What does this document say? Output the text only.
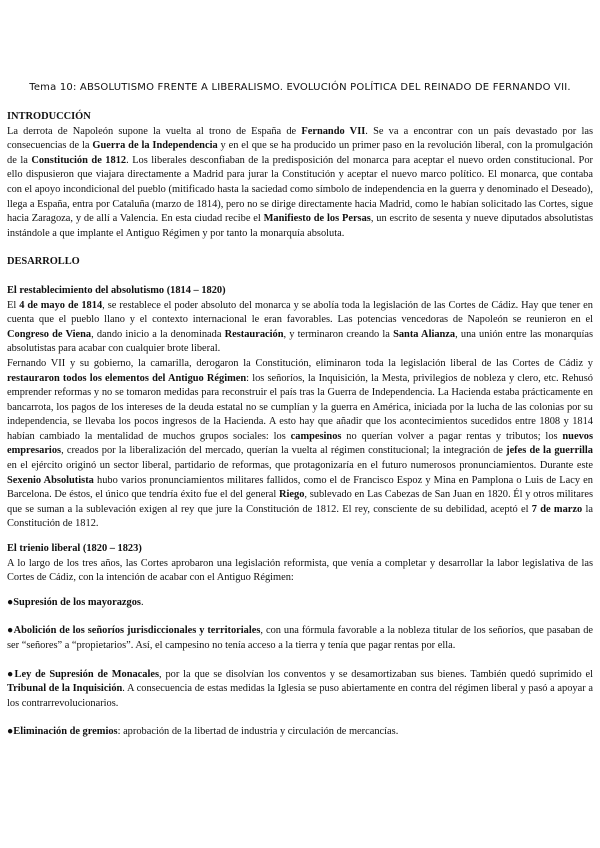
Tema 10: ABSOLUTISMO FRENTE A LIBERALISMO. EVOLUCIÓN POLÍTICA DEL REINADO DE FERNANDO VII.
INTRODUCCIÓN

La derrota de Napoleón supone la vuelta al trono de España de Fernando VII. Se va a encontrar con un país devastado por las consecuencias de la Guerra de la Independencia y en el que se ha producido un primer paso en la revolución liberal, con la promulgación de la Constitución de 1812. Los liberales desconfiaban de la predisposición del monarca para aceptar el nuevo orden constitucional. Por ello dispusieron que viajara directamente a Madrid para jurar la Constitución y aceptar el nuevo marco político. El monarca, que contaba con el apoyo incondicional del pueblo (mitificado hasta la saciedad como símbolo de independencia en la guerra y denominado el Deseado), llega a España, entra por Cataluña (marzo de 1814), pero no se dirige directamente hacia Madrid, como le habían solicitado las Cortes, sigue hacia Zaragoza, y de allí a Valencia. En esta ciudad recibe el Manifiesto de los Persas, un escrito de sesenta y nueve diputados absolutistas instándole a que implante el Antiguo Régimen y por tanto la monarquía absoluta.

DESARROLLO
El restablecimiento del absolutismo (1814 – 1820)

El 4 de mayo de 1814, se restablece el poder absoluto del monarca y se abolía toda la legislación de las Cortes de Cádiz. Hay que tener en cuenta que el pueblo llano y el contexto internacional le eran favorables. Las potencias vencedoras de Napoleón se reunieron en el Congreso de Viena, dando inicio a la denominada Restauración, y terminaron creando la Santa Alianza, una unión entre las monarquías absolutistas para acabar con cualquier brote liberal.

Fernando VII y su gobierno, la camarilla, derogaron la Constitución, eliminaron toda la legislación liberal de las Cortes de Cádiz y restauraron todos los elementos del Antiguo Régimen: los señoríos, la Inquisición, la Mesta, privilegios de nobleza y clero, etc. Rehusó emprender reformas y no se tomaron medidas para reconstruir el país tras la Guerra de Independencia. La Hacienda estaba prácticamente en bancarrota, los pagos de los intereses de la deuda estatal no se cumplían y la guerra en América, iniciada por la lucha de las colonias por su independencia, se llevaba los pocos ingresos de la Hacienda. A esto hay que añadir que los acontecimientos sucedidos entre 1808 y 1814 habían cambiado la mentalidad de muchos grupos sociales: los campesinos no querían volver a pagar rentas y tributos; los nuevos empresarios, creados por la liberalización del mercado, querían la vuelta al régimen constitucional; la integración de jefes de la guerrilla en el ejército originó un sector liberal, partidario de reformas, que protagonizaría en el futuro numerosos pronunciamientos. Durante este Sexenio Absolutista hubo varios pronunciamientos militares fallidos, como el de Francisco Espoz y Mina en Pamplona o Luis de Lacy en Barcelona. De éstos, el único que tendría éxito fue el del general Riego, sublevado en Las Cabezas de San Juan en 1820. Él y otros militares que se suman a la sublevación exigen al rey que jure la Constitución de 1812. El rey, consciente de su debilidad, aceptó el 7 de marzo la Constitución de 1812.

El trienio liberal (1820 – 1823)

A lo largo de los tres años, las Cortes aprobaron una legislación reformista, que venía a completar y desarrollar la labor legislativa de las Cortes de Cádiz, con la intención de acabar con el Antiguo Régimen:

●Supresión de los mayorazgos.

●Abolición de los señoríos jurisdiccionales y territoriales, con una fórmula favorable a la nobleza titular de los señoríos, que pasaban de ser “señores” a “propietarios”. Así, el campesino no tenía acceso a la tierra y tenía que pagar rentas por ella.

●Ley de Supresión de Monacales, por la que se disolvían los conventos y se desamortizaban sus bienes. También quedó suprimido el Tribunal de la Inquisición. A consecuencia de estas medidas la Iglesia se puso abiertamente en contra del régimen liberal y pasó a apoyar a los contrarrevolucionarios.

●Eliminación de gremios: aprobación de la libertad de industria y circulación de mercancías.
